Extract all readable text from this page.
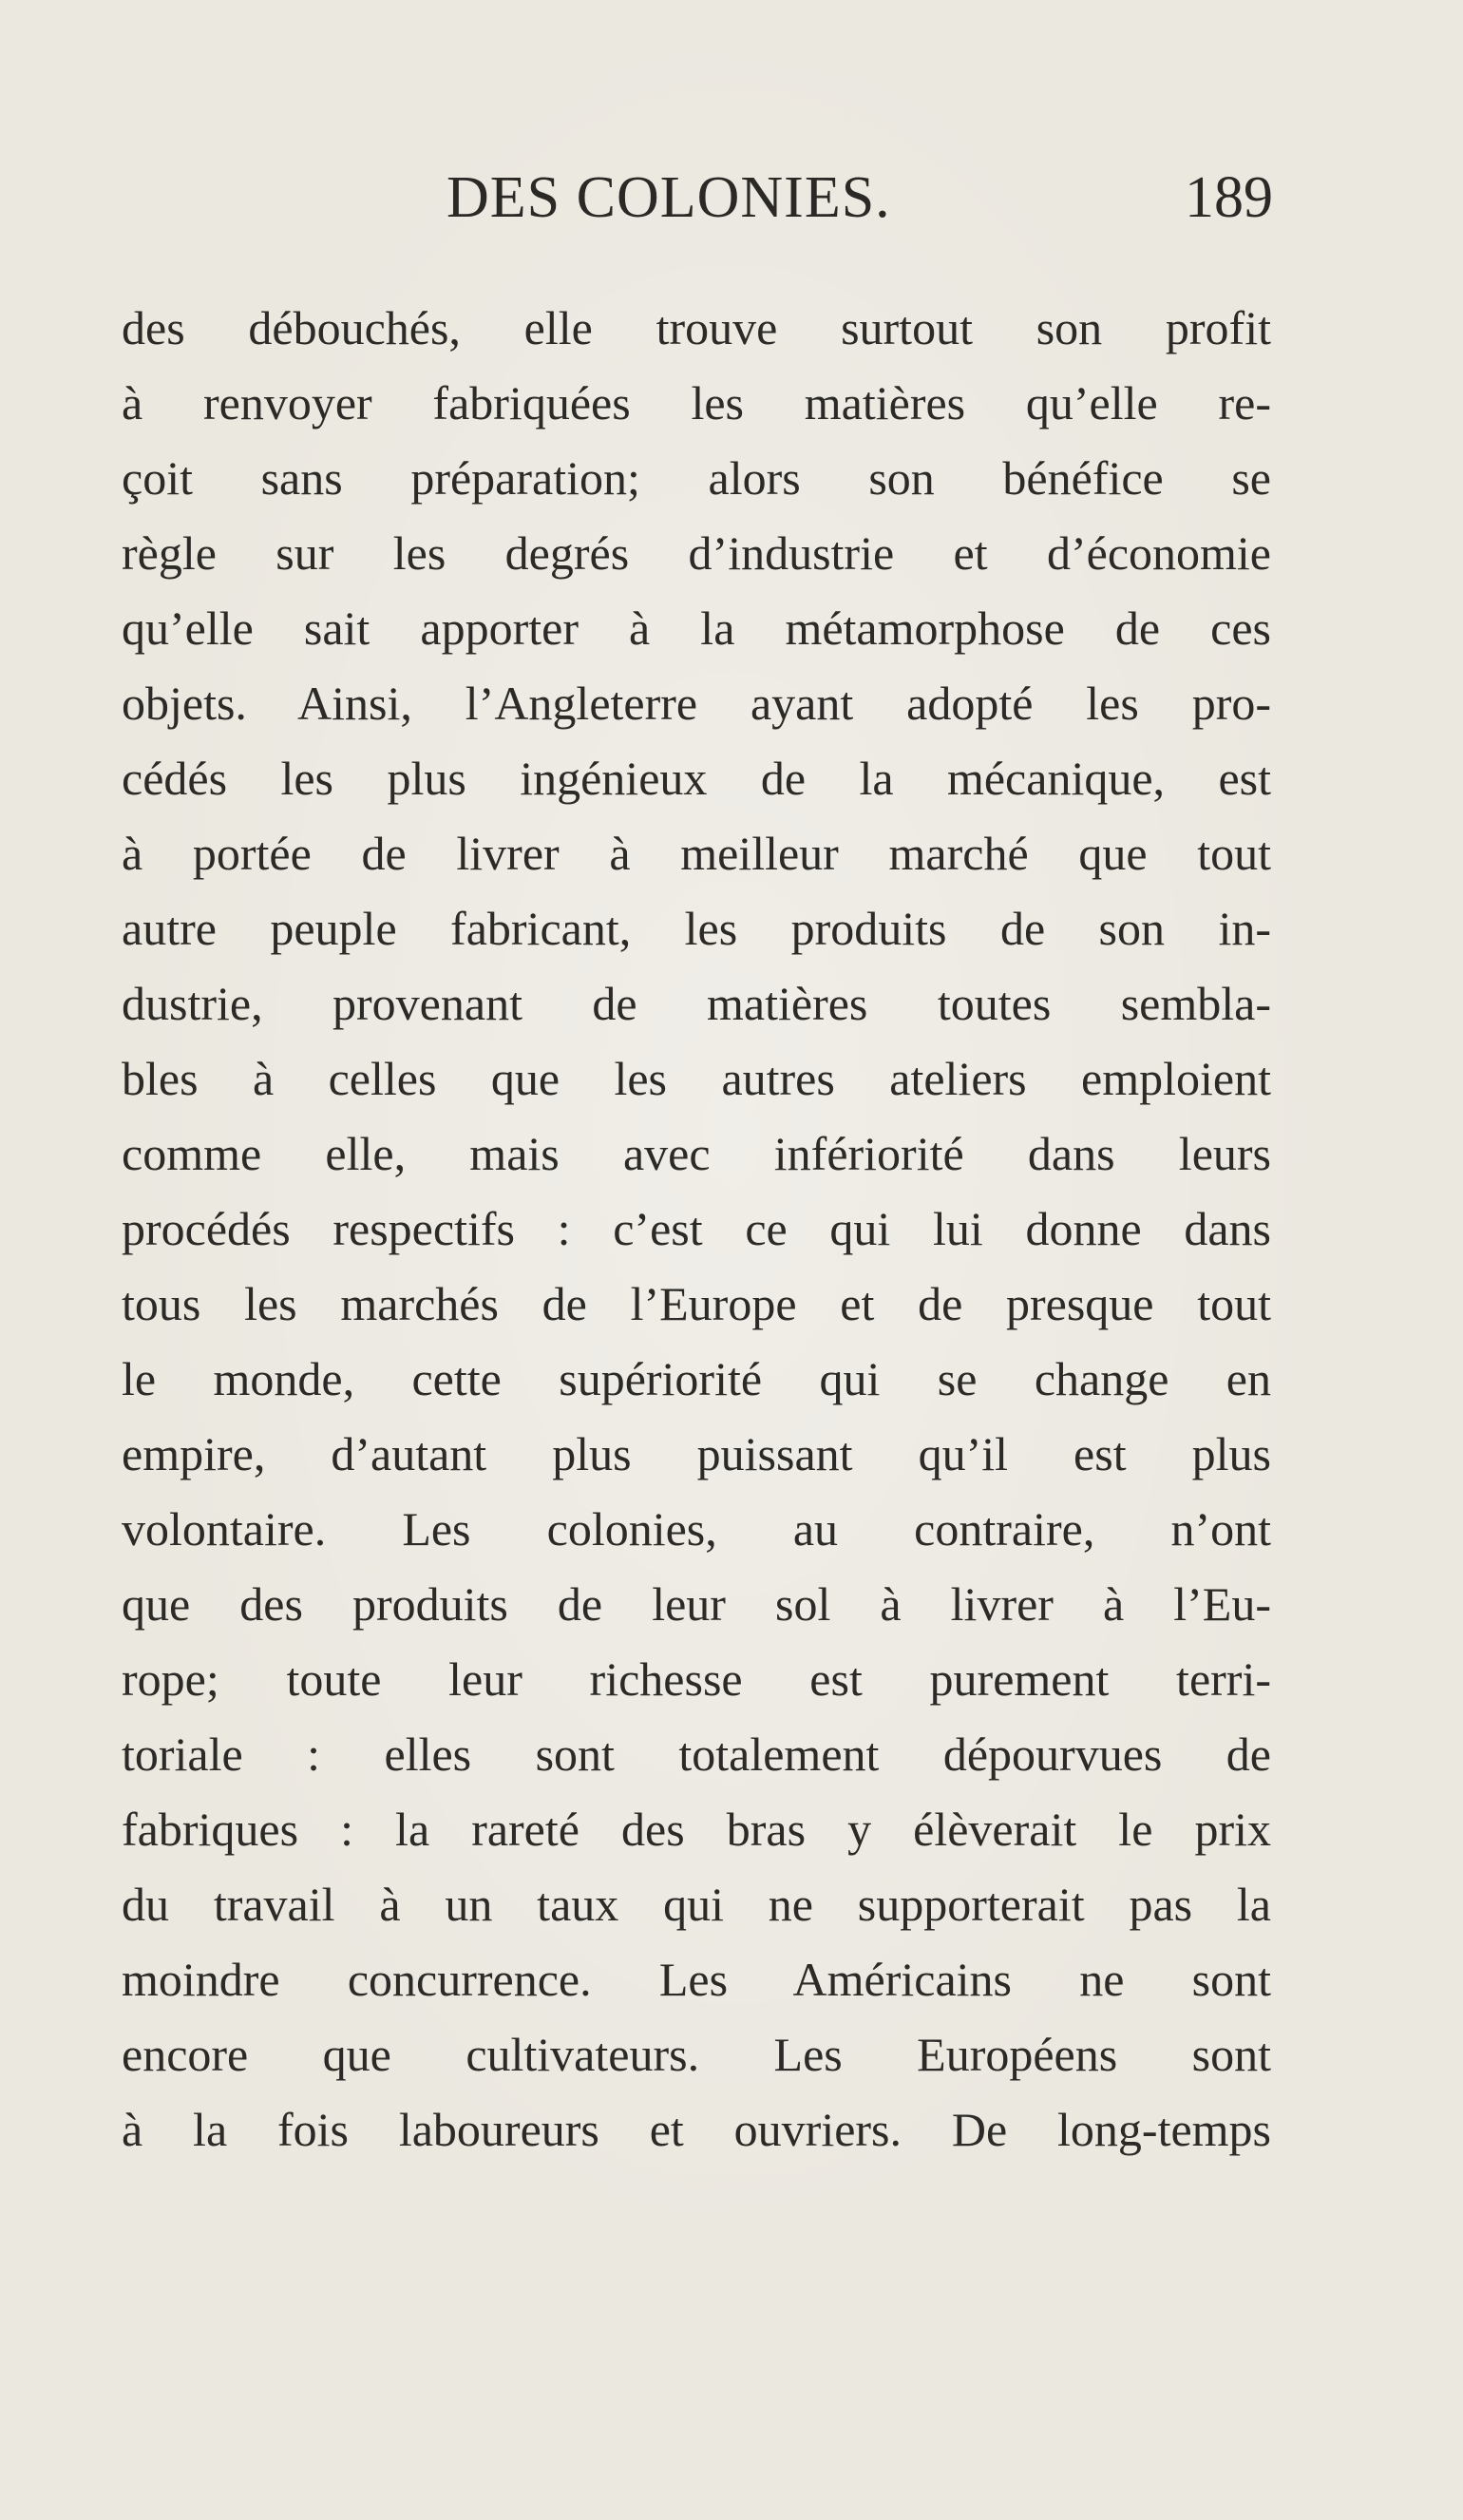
DES COLONIES.	189
des débouchés, elle trouve surtout son profit
à renvoyer fabriquées les matières qu’elle re-
çoit sans préparation; alors son bénéfice se
règle sur les degrés d’industrie et d’économie
qu’elle sait apporter à la métamorphose de ces
objets. Ainsi, l’Angleterre ayant adopté les pro-
cédés les plus ingénieux de la mécanique, est
à portée de livrer à meilleur marché que tout
autre peuple fabricant, les produits de son in-
dustrie, provenant de matières toutes sembla-
bles à celles que les autres ateliers emploient
comme elle, mais avec infériorité dans leurs
procédés respectifs : c’est ce qui lui donne dans
tous les marchés de l’Europe et de presque tout
le monde, cette supériorité qui se change en
empire, d’autant plus puissant qu’il est plus
volontaire. Les colonies, au contraire, n’ont
que des produits de leur sol à livrer à l’Eu-
rope; toute leur richesse est purement terri-
toriale : elles sont totalement dépourvues de
fabriques : la rareté des bras y élèverait le prix
du travail à un taux qui ne supporterait pas la
moindre concurrence. Les Américains ne sont
encore que cultivateurs. Les Européens sont
à la fois laboureurs et ouvriers. De long-temps
